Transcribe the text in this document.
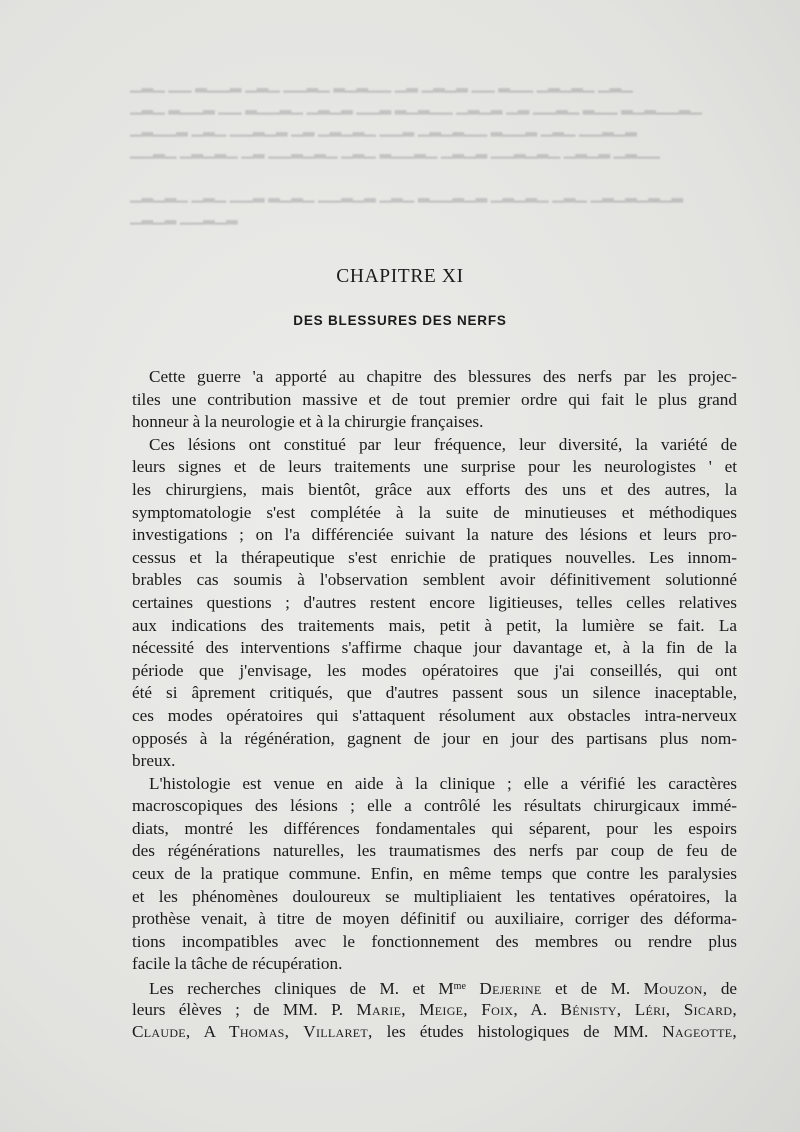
▁▂▁ ▁▁ ▂▁▁▂ ▁▂▁ ▁▁▂▁ ▂▁▂▁▁ ▁▂ ▁▂▁▂ ▁▁ ▂▁▁ ▁▂▁▂▁ ▁▂▁
▁▂▁ ▂▁▁▂ ▁▁ ▂▁▁▂▁ ▁▂▁▂ ▁▁▂ ▂▁▂▁▁ ▁▂▁▂ ▁▂ ▁▁▂▁ ▂▁▁ ▂▁▂▁▁▂▁
▁▂▁▁▂ ▁▂▁ ▁▁▂▁▂ ▁▂ ▁▂▁▂▁ ▁▁▂ ▁▂▁▂▁▁ ▂▁▁▂ ▁▂▁ ▁▁▂▁▂
▁▁▂▁ ▁▂▁▂▁ ▁▂ ▁▁▂▁▂▁ ▁▂▁ ▂▁▁▂▁ ▁▂▁▂ ▁▁▂▁▂▁ ▁▂▁▂ ▁▂▁▁

▁▂▁▂▁ ▁▂▁ ▁▁▂ ▂▁▂▁ ▁▁▂▁▂ ▁▂▁ ▂▁▁▂▁▂ ▁▂▁▂▁ ▁▂▁ ▁▂▁▂▁▂▁▂
▁▂▁▂ ▁▁▂▁▂
CHAPITRE XI
DES BLESSURES DES NERFS
Cette guerre 'a apporté au chapitre des blessures des nerfs par les projec-
tiles une contribution massive et de tout premier ordre qui fait le plus grand
honneur à la neurologie et à la chirurgie françaises.
Ces lésions ont constitué par leur fréquence, leur diversité, la variété de
leurs signes et de leurs traitements une surprise pour les neurologistes ' et
les chirurgiens, mais bientôt, grâce aux efforts des uns et des autres, la
symptomatologie s'est complétée à la suite de minutieuses et méthodiques
investigations ; on l'a différenciée suivant la nature des lésions et leurs pro-
cessus et la thérapeutique s'est enrichie de pratiques nouvelles. Les innom-
brables cas soumis à l'observation semblent avoir définitivement solutionné
certaines questions ; d'autres restent encore ligitieuses, telles celles relatives
aux indications des traitements mais, petit à petit, la lumière se fait. La
nécessité des interventions s'affirme chaque jour davantage et, à la fin de la
période que j'envisage, les modes opératoires que j'ai conseillés, qui ont
été si âprement critiqués, que d'autres passent sous un silence inaceptable,
ces modes opératoires qui s'attaquent résolument aux obstacles intra-nerveux
opposés à la régénération, gagnent de jour en jour des partisans plus nom-
breux.
L'histologie est venue en aide à la clinique ; elle a vérifié les caractères
macroscopiques des lésions ; elle a contrôlé les résultats chirurgicaux immé-
diats, montré les différences fondamentales qui séparent, pour les espoirs
des régénérations naturelles, les traumatismes des nerfs par coup de feu de
ceux de la pratique commune. Enfin, en même temps que contre les paralysies
et les phénomènes douloureux se multipliaient les tentatives opératoires, la
prothèse venait, à titre de moyen définitif ou auxiliaire, corriger des déforma-
tions incompatibles avec le fonctionnement des membres ou rendre plus
facile la tâche de récupération.
Les recherches cliniques de M. et $M^{me}$ Dejerine et de M. Mouzon, de
leurs élèves ; de MM. P. Marie, Meige, Foix, A. Bénisty, Léri, Sicard,
Claude, A Thomas, Villaret, les études histologiques de MM. Nageotte,
